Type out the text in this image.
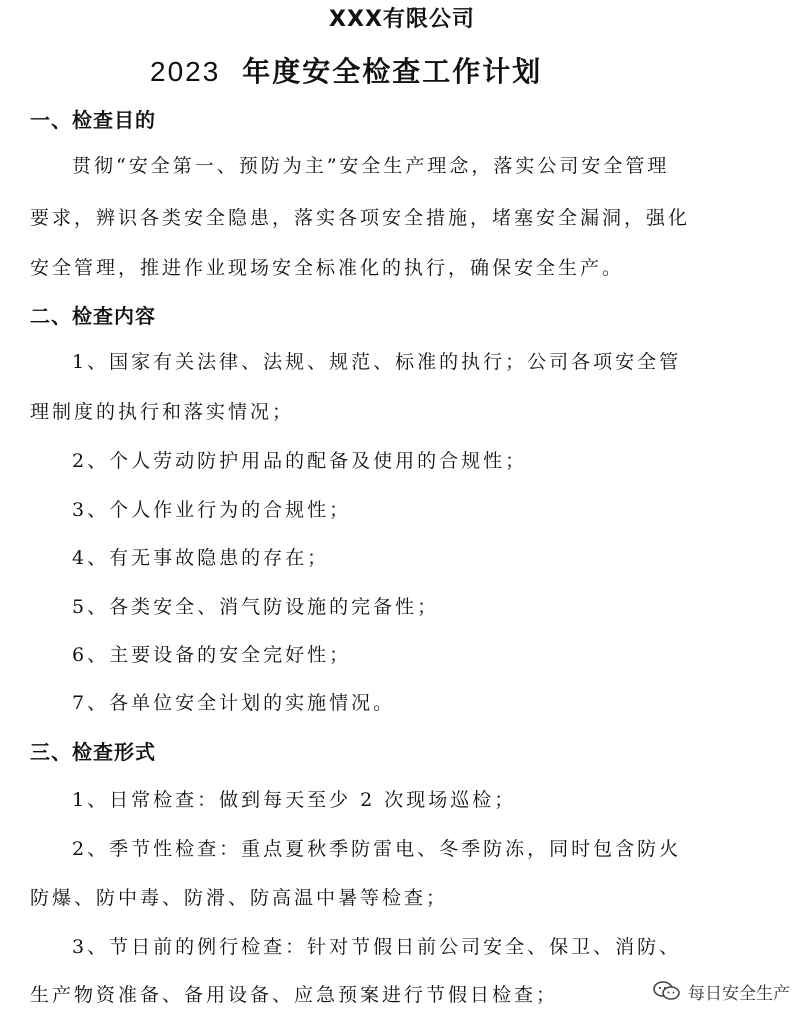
XXX有限公司
2023 年度安全检查工作计划
一、检查目的
贯彻“安全第一、预防为主”安全生产理念，落实公司安全管理
要求，辨识各类安全隐患，落实各项安全措施，堵塞安全漏洞，强化
安全管理，推进作业现场安全标准化的执行，确保安全生产。
二、检查内容
1、国家有关法律、法规、规范、标准的执行；公司各项安全管
理制度的执行和落实情况；
2、个人劳动防护用品的配备及使用的合规性；
3、个人作业行为的合规性；
4、有无事故隐患的存在；
5、各类安全、消气防设施的完备性；
6、主要设备的安全完好性；
7、各单位安全计划的实施情况。
三、检查形式
1、日常检查：做到每天至少 2 次现场巡检；
2、季节性检查：重点夏秋季防雷电、冬季防冻，同时包含防火
防爆、防中毒、防滑、防高温中暑等检查；
3、节日前的例行检查：针对节假日前公司安全、保卫、消防、
生产物资准备、备用设备、应急预案进行节假日检查；	每日安全生产
